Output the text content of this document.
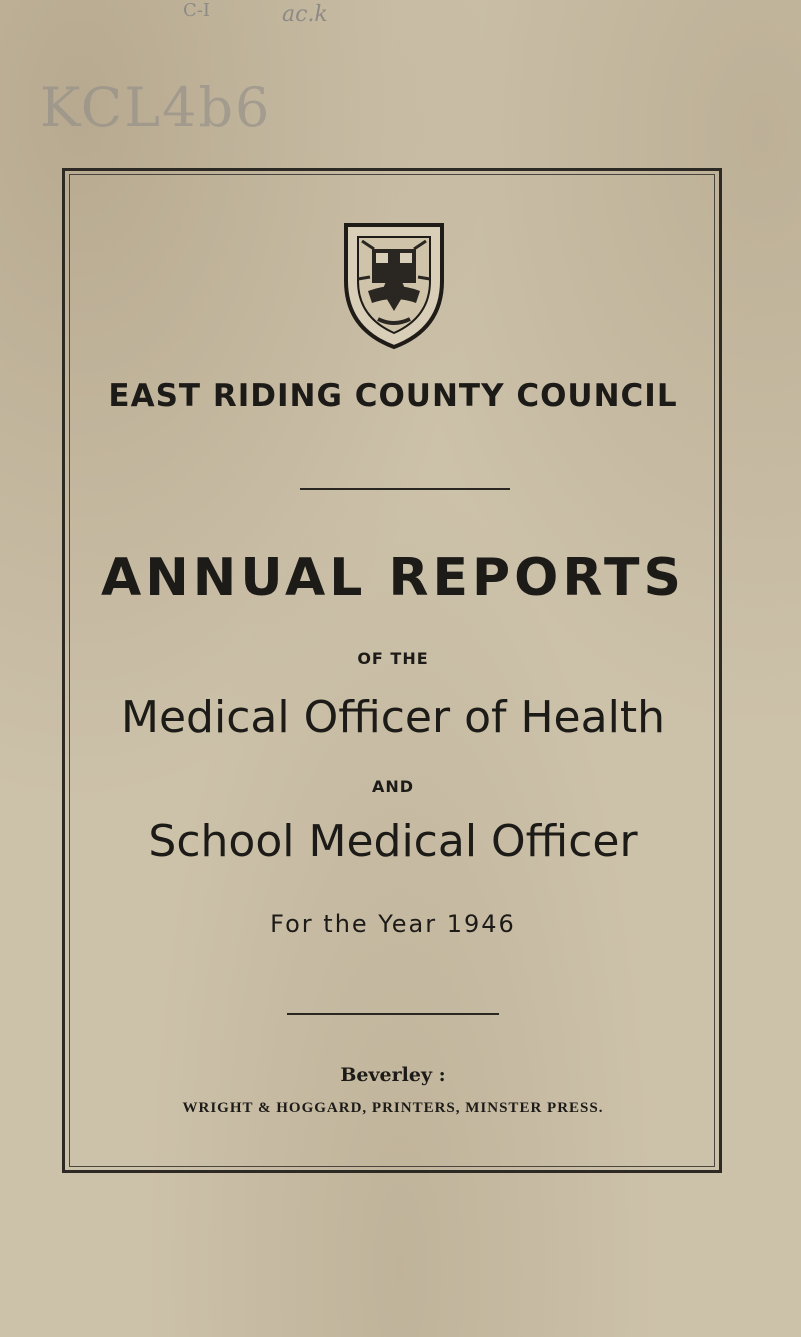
C-I	ac.k
KCL4b6
EAST RIDING COUNTY COUNCIL
ANNUAL REPORTS
OF THE
Medical Officer of Health
AND
School Medical Officer
For the Year 1946
Beverley :
WRIGHT & HOGGARD, PRINTERS, MINSTER PRESS.
